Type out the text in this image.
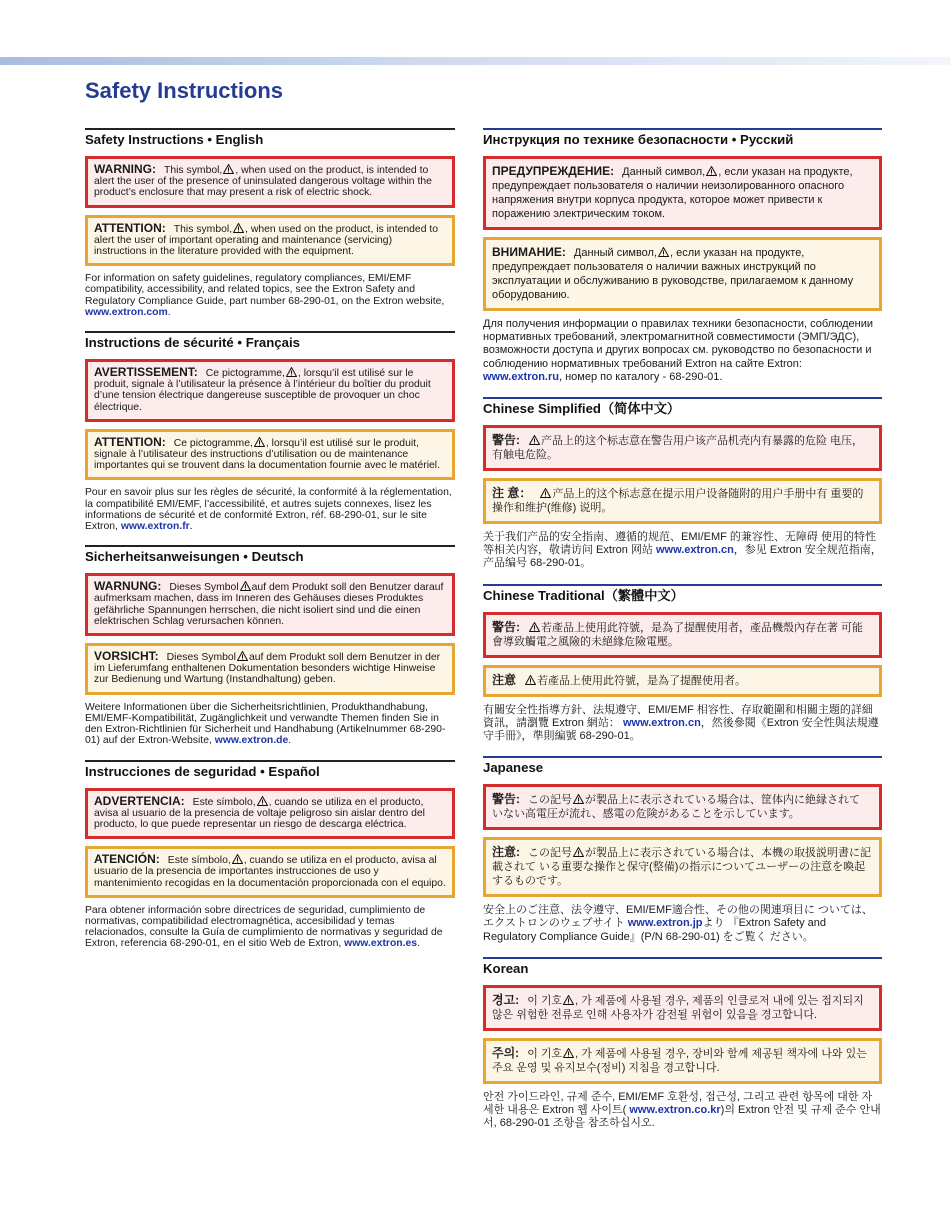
Safety Instructions
Safety Instructions • English
WARNING: This symbol, , when used on the product, is intended to alert the user of the presence of uninsulated dangerous voltage within the product’s enclosure that may present a risk of electric shock.
ATTENTION: This symbol, , when used on the product, is intended to alert the user of important operating and maintenance (servicing) instructions in the literature provided with the equipment.

For information on safety guidelines, regulatory compliances, EMI/EMF compatibility, accessibility, and related topics, see the Extron Safety and Regulatory Compliance Guide, part number 68-290-01, on the Extron website, www.extron.com.

Instructions de sécurité • Français
AVERTISSEMENT: Ce pictogramme, , lorsqu’il est utilisé sur le produit, signale à l’utilisateur la présence à l’intérieur du boîtier du produit d’une tension électrique dangereuse susceptible de provoquer un choc électrique.
ATTENTION: Ce pictogramme, , lorsqu’il est utilisé sur le produit, signale à l’utilisateur des instructions d’utilisation ou de maintenance importantes qui se trouvent dans la documentation fournie avec le matériel.

Pour en savoir plus sur les règles de sécurité, la conformité à la réglementation, la compatibilité EMI/EMF, l’accessibilité, et autres sujets connexes, lisez les informations de sécurité et de conformité Extron, réf. 68-290-01, sur le site Extron, www.extron.fr.

Sicherheitsanweisungen • Deutsch
WARNUNG: Dieses Symbol auf dem Produkt soll den Benutzer darauf aufmerksam machen, dass im Inneren des Gehäuses dieses Produktes gefährliche Spannungen herrschen, die nicht isoliert sind und die einen elektrischen Schlag verursachen können.
VORSICHT: Dieses Symbol auf dem Produkt soll dem Benutzer in der im Lieferumfang enthaltenen Dokumentation besonders wichtige Hinweise zur Bedienung und Wartung (Instandhaltung) geben.

Weitere Informationen über die Sicherheitsrichtlinien, Produkthandhabung, EMI/EMF-Kompatibilität, Zugänglichkeit und verwandte Themen finden Sie in den Extron-Richtlinien für Sicherheit und Handhabung (Artikelnummer 68-290-01) auf der Extron-Website, www.extron.de.

Instrucciones de seguridad • Español
ADVERTENCIA: Este símbolo, , cuando se utiliza en el producto, avisa al usuario de la presencia de voltaje peligroso sin aislar dentro del producto, lo que puede representar un riesgo de descarga eléctrica.
ATENCIÓN: Este símbolo, , cuando se utiliza en el producto, avisa al usuario de la presencia de importantes instrucciones de uso y mantenimiento recogidas en la documentación proporcionada con el equipo.

Para obtener información sobre directrices de seguridad, cumplimiento de normativas, compatibilidad electromagnética, accesibilidad y temas relacionados, consulte la Guía de cumplimiento de normativas y seguridad de Extron, referencia 68-290-01, en el sitio Web de Extron, www.extron.es.

Инструкция по технике безопасности • Русский
ПРЕДУПРЕЖДЕНИЕ: Данный символ, , если указан на продукте, предупреждает пользователя о наличии неизолированного опасного напряжения внутри корпуса продукта, которое может привести к поражению электрическим током.
ВНИМАНИЕ: Данный символ, , если указан на продукте, предупреждает пользователя о наличии важных инструкций по эксплуатации и обслуживанию в руководстве, прилагаемом к данному оборудованию.

Для получения информации о правилах техники безопасности, соблюдении нормативных требований, электромагнитной совместимости (ЭМП/ЭДС), возможности доступа и других вопросах см. руководство по безопасности и соблюдению нормативных требований Extron на сайте Extron: www.extron.ru, номер по каталогу - 68-290-01.

Chinese Simplified（简体中文）
警告: 产品上的这个标志意在警告用户该产品机壳内有暴露的危险 电压，有触电危险。
注 意： 产品上的这个标志意在提示用户设备随附的用户手册中有 重要的操作和维护(维修) 说明。

关于我们产品的安全指南、遵循的规范、EMI/EMF 的兼容性、无障碍 使用的特性等相关内容，敬请访问 Extron 网站 www.extron.cn，参见 Extron 安全规范指南，产品编号 68-290-01。

Chinese Traditional（繁體中文）
警告: 若產品上使用此符號，是為了提醒使用者，產品機殼內存在著 可能會導致觸電之風險的未絕緣危險電壓。
注意 若產品上使用此符號，是為了提醒使用者。

有關安全性指導方針、法規遵守、EMI/EMF 相容性、存取範圍和相關主題的詳細資訊，請瀏覽 Extron 網站： www.extron.cn，然後參閱《Extron 安全性與法規遵守手冊》，準則編號 68-290-01。

Japanese
警告: この記号 が製品上に表示されている場合は、筐体内に絶縁されて いない高電圧が流れ、感電の危険があることを示しています。
注意: この記号 が製品上に表示されている場合は、本機の取扱説明書に記載されて いる重要な操作と保守(整備)の指示についてユーザーの注意を喚起するものです。

安全上のご注意、法令遵守、EMI/EMF適合性、その他の関連項目に ついては、エクストロンのウェブサイト www.extron.jpより 『Extron Safety and Regulatory Compliance Guide』(P/N 68-290-01) をご覧く ださい。

Korean
경고: 이 기호 , 가 제품에 사용될 경우, 제품의 인클로저 내에 있는 접지되지 않은 위험한 전류로 인해 사용자가 감전될 위험이 있음을 경고합니다.
주의: 이 기호 , 가 제품에 사용될 경우, 장비와 함께 제공된 책자에 나와 있는 주요 운영 및 유지보수(정비) 지침을 경고합니다.

안전 가이드라인, 규제 준수, EMI/EMF 호환성, 접근성, 그리고 관련 항목에 대한 자세한 내용은 Extron 웹 사이트( www.extron.co.kr)의 Extron 안전 및 규제 준수 안내서, 68-290-01 조항을 참조하십시오.
